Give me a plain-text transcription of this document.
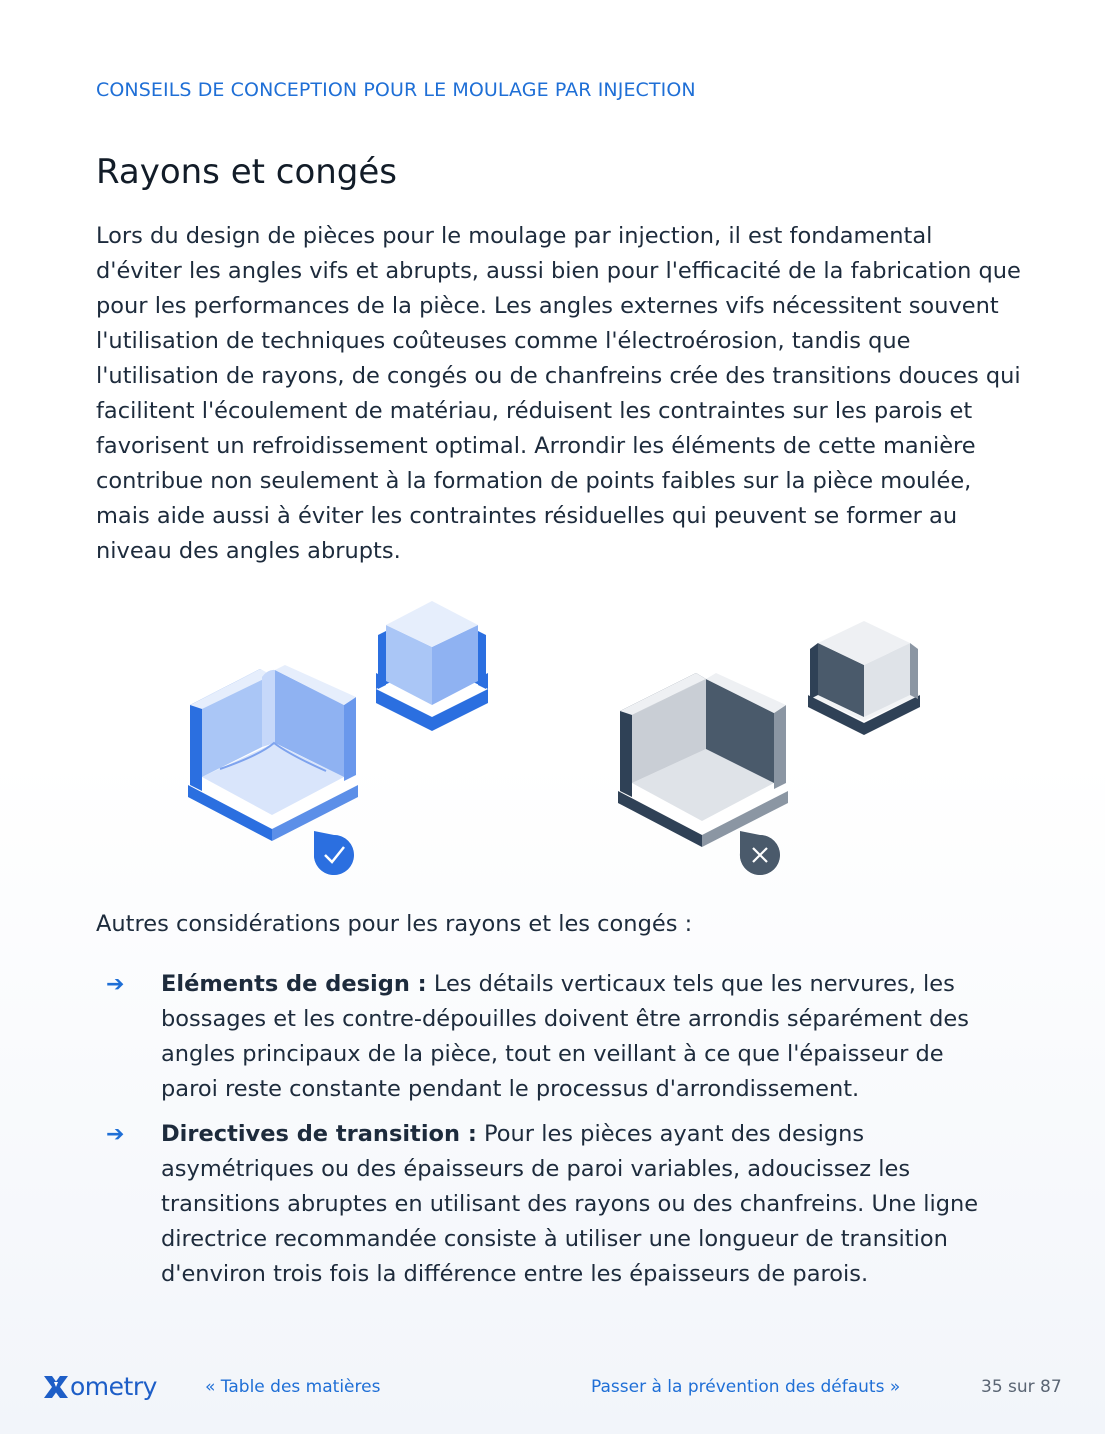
CONSEILS DE CONCEPTION POUR LE MOULAGE PAR INJECTION
Rayons et congés

Lors du design de pièces pour le moulage par injection, il est fondamental d'éviter les angles vifs et abrupts, aussi bien pour l'efficacité de la fabrication que pour les performances de la pièce. Les angles externes vifs nécessitent souvent l'utilisation de techniques coûteuses comme l'électroérosion, tandis que l'utilisation de rayons, de congés ou de chanfreins crée des transitions douces qui facilitent l'écoulement de matériau, réduisent les contraintes sur les parois et favorisent un refroidissement optimal. Arrondir les éléments de cette manière contribue non seulement à la formation de points faibles sur la pièce moulée, mais aide aussi à éviter les contraintes résiduelles qui peuvent se former au niveau des angles abrupts.

Autres considérations pour les rayons et les congés :

➔ Eléments de design : Les détails verticaux tels que les nervures, les bossages et les contre-dépouilles doivent être arrondis séparément des angles principaux de la pièce, tout en veillant à ce que l'épaisseur de paroi reste constante pendant le processus d'arrondissement.
➔ Directives de transition : Pour les pièces ayant des designs asymétriques ou des épaisseurs de paroi variables, adoucissez les transitions abruptes en utilisant des rayons ou des chanfreins. Une ligne directrice recommandée consiste à utiliser une longueur de transition d'environ trois fois la différence entre les épaisseurs de parois.
ometry	« Table des matières	Passer à la prévention des défauts »	35 sur 87
